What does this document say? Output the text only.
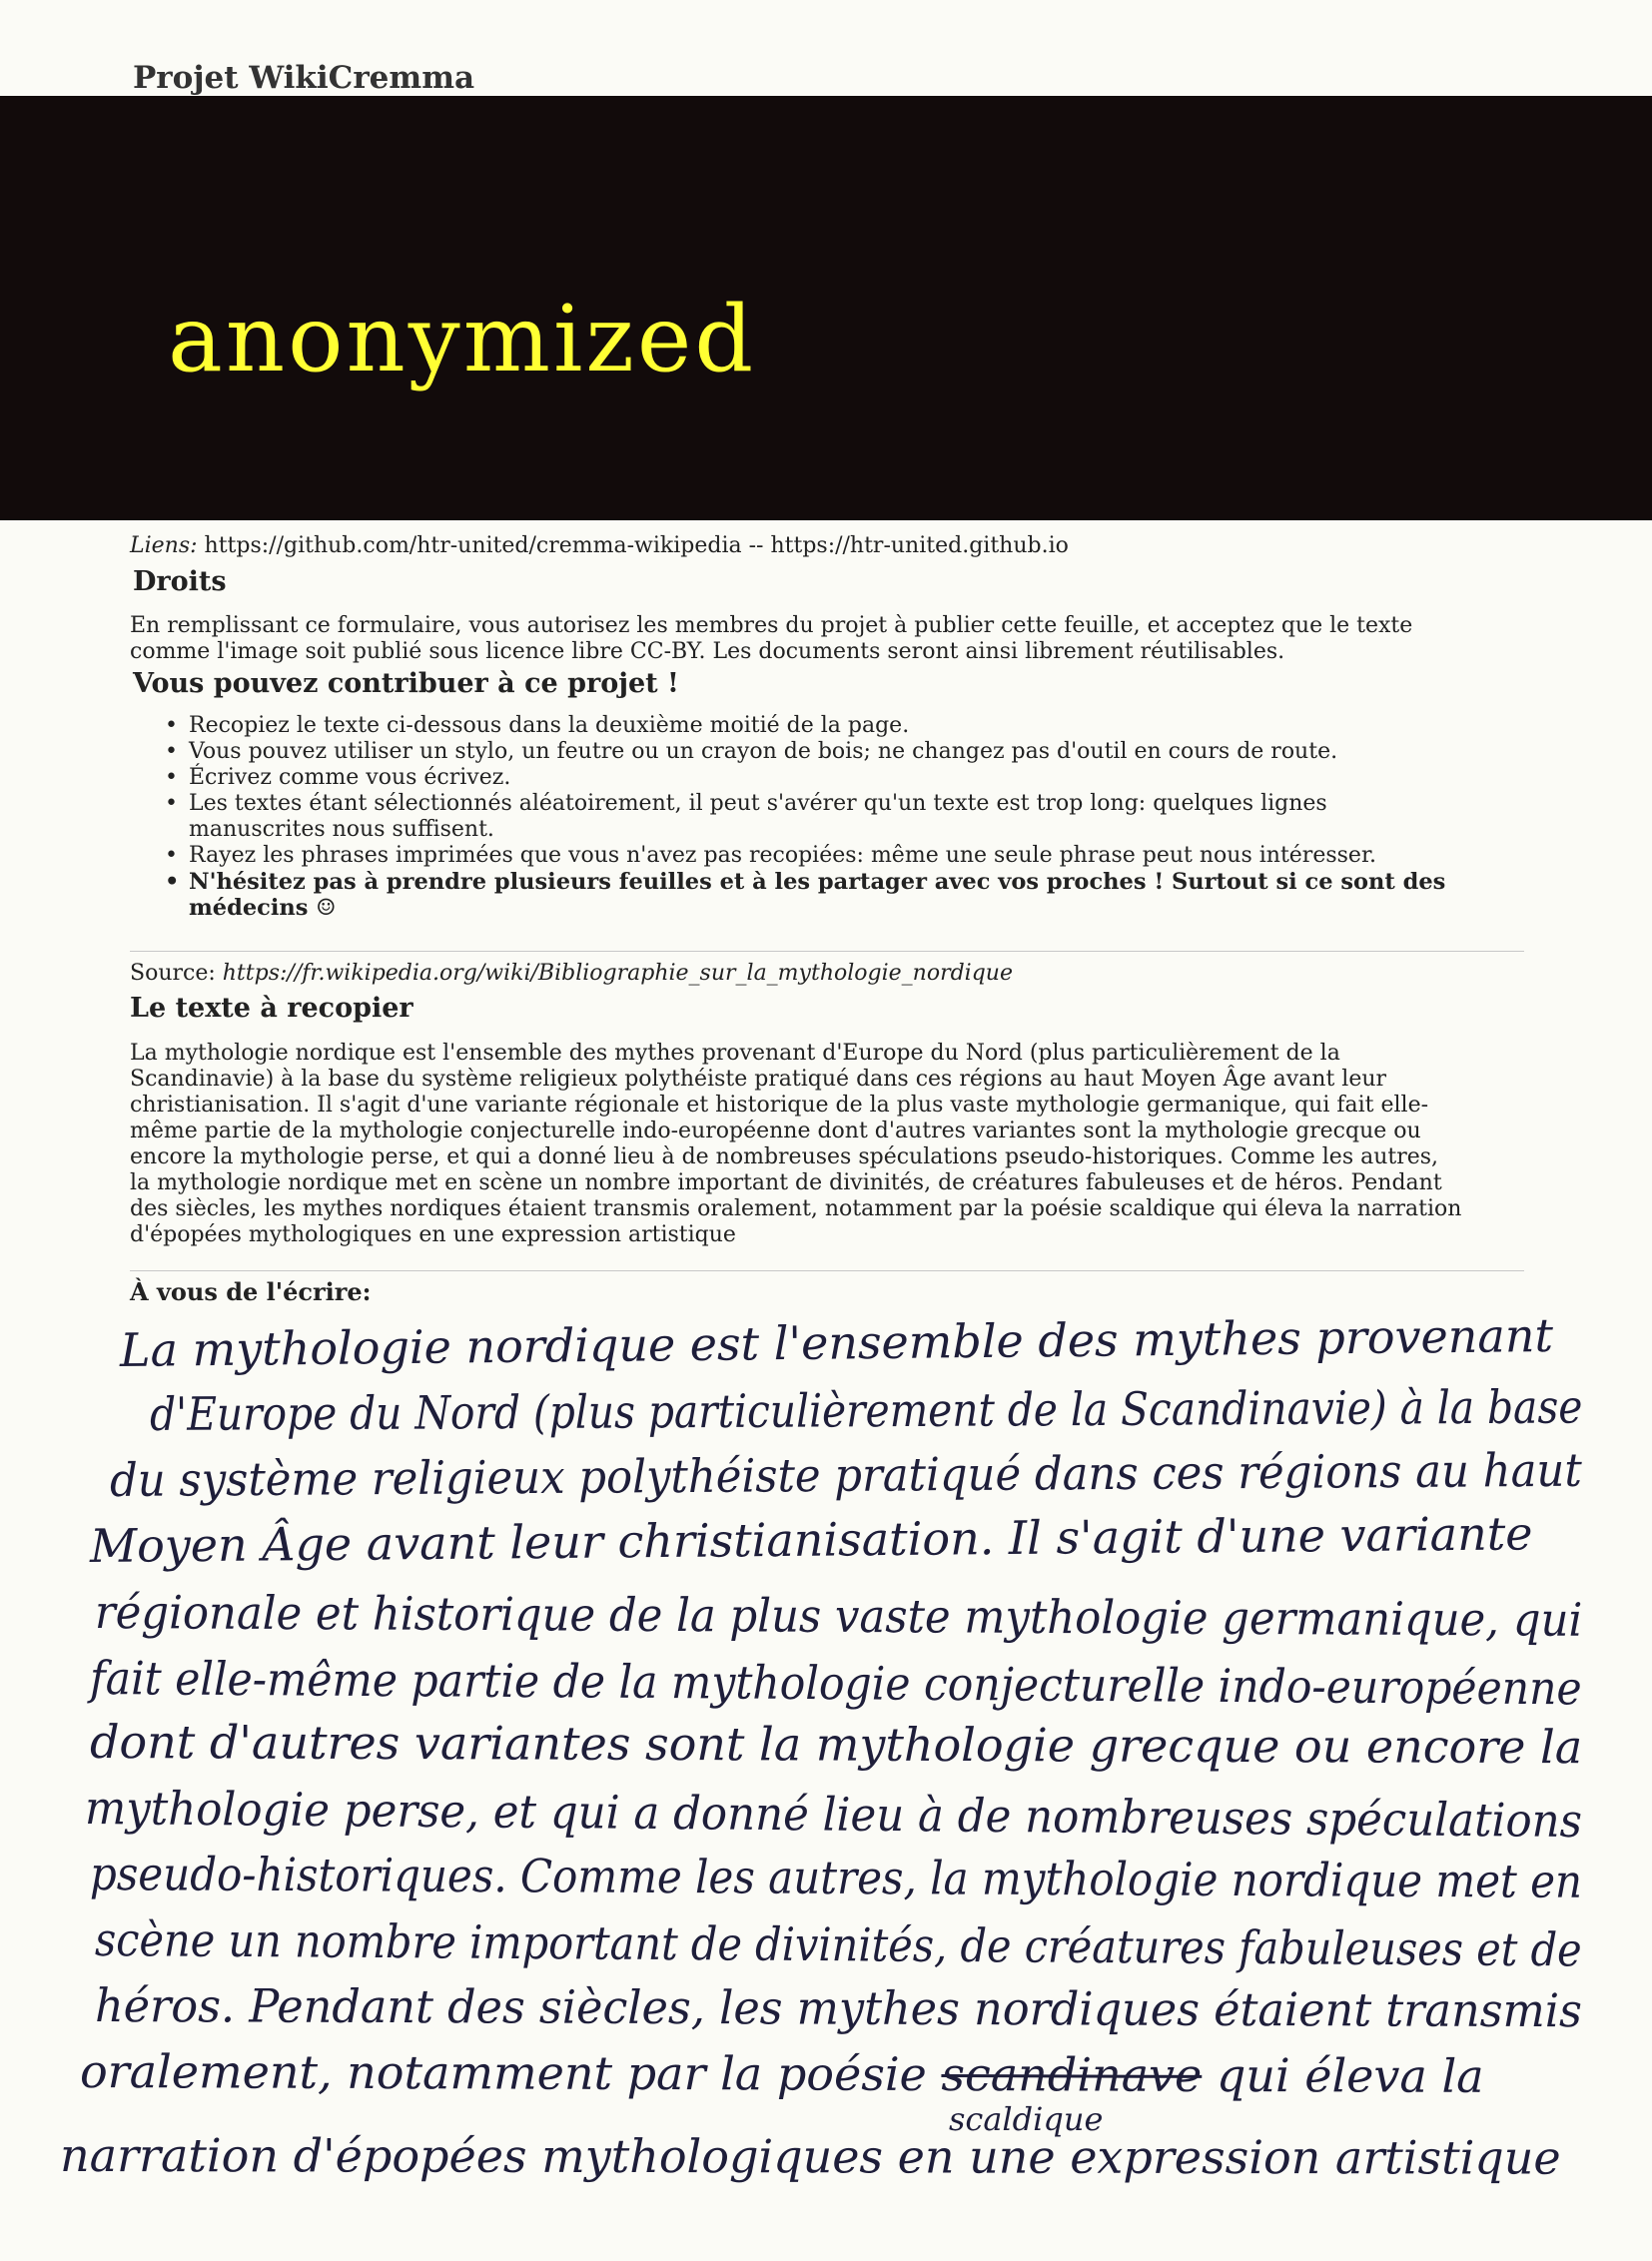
Projet WikiCremma
anonymized
Liens: https://github.com/htr-united/cremma-wikipedia -- https://htr-united.github.io
Droits
En remplissant ce formulaire, vous autorisez les membres du projet à publier cette feuille, et acceptez que le texte
comme l'image soit publié sous licence libre CC-BY. Les documents seront ainsi librement réutilisables.
Vous pouvez contribuer à ce projet !
• Recopiez le texte ci-dessous dans la deuxième moitié de la page.
• Vous pouvez utiliser un stylo, un feutre ou un crayon de bois; ne changez pas d'outil en cours de route.
• Écrivez comme vous écrivez.
• Les textes étant sélectionnés aléatoirement, il peut s'avérer qu'un texte est trop long: quelques lignes
manuscrites nous suffisent.
• Rayez les phrases imprimées que vous n'avez pas recopiées: même une seule phrase peut nous intéresser.
• N'hésitez pas à prendre plusieurs feuilles et à les partager avec vos proches ! Surtout si ce sont des
médecins ☺
Source: https://fr.wikipedia.org/wiki/Bibliographie_sur_la_mythologie_nordique
Le texte à recopier
La mythologie nordique est l'ensemble des mythes provenant d'Europe du Nord (plus particulièrement de la
Scandinavie) à la base du système religieux polythéiste pratiqué dans ces régions au haut Moyen Âge avant leur
christianisation. Il s'agit d'une variante régionale et historique de la plus vaste mythologie germanique, qui fait elle-
même partie de la mythologie conjecturelle indo-européenne dont d'autres variantes sont la mythologie grecque ou
encore la mythologie perse, et qui a donné lieu à de nombreuses spéculations pseudo-historiques. Comme les autres,
la mythologie nordique met en scène un nombre important de divinités, de créatures fabuleuses et de héros. Pendant
des siècles, les mythes nordiques étaient transmis oralement, notamment par la poésie scaldique qui éleva la narration
d'épopées mythologiques en une expression artistique
À vous de l'écrire:
La mythologie nordique est l'ensemble des mythes provenant
d'Europe du Nord (plus particulièrement de la Scandinavie) à la base
du système religieux polythéiste pratiqué dans ces régions au haut
Moyen Âge avant leur christianisation. Il s'agit d'une variante
régionale et historique de la plus vaste mythologie germanique, qui
fait elle-même partie de la mythologie conjecturelle indo-européenne
dont d'autres variantes sont la mythologie grecque ou encore la
mythologie perse, et qui a donné lieu à de nombreuses spéculations
pseudo-historiques. Comme les autres, la mythologie nordique met en
scène un nombre important de divinités, de créatures fabuleuses et de
héros. Pendant des siècles, les mythes nordiques étaient transmis
oralement, notamment par la poésie scandinave qui éleva la
scaldique
narration d'épopées mythologiques en une expression artistique
